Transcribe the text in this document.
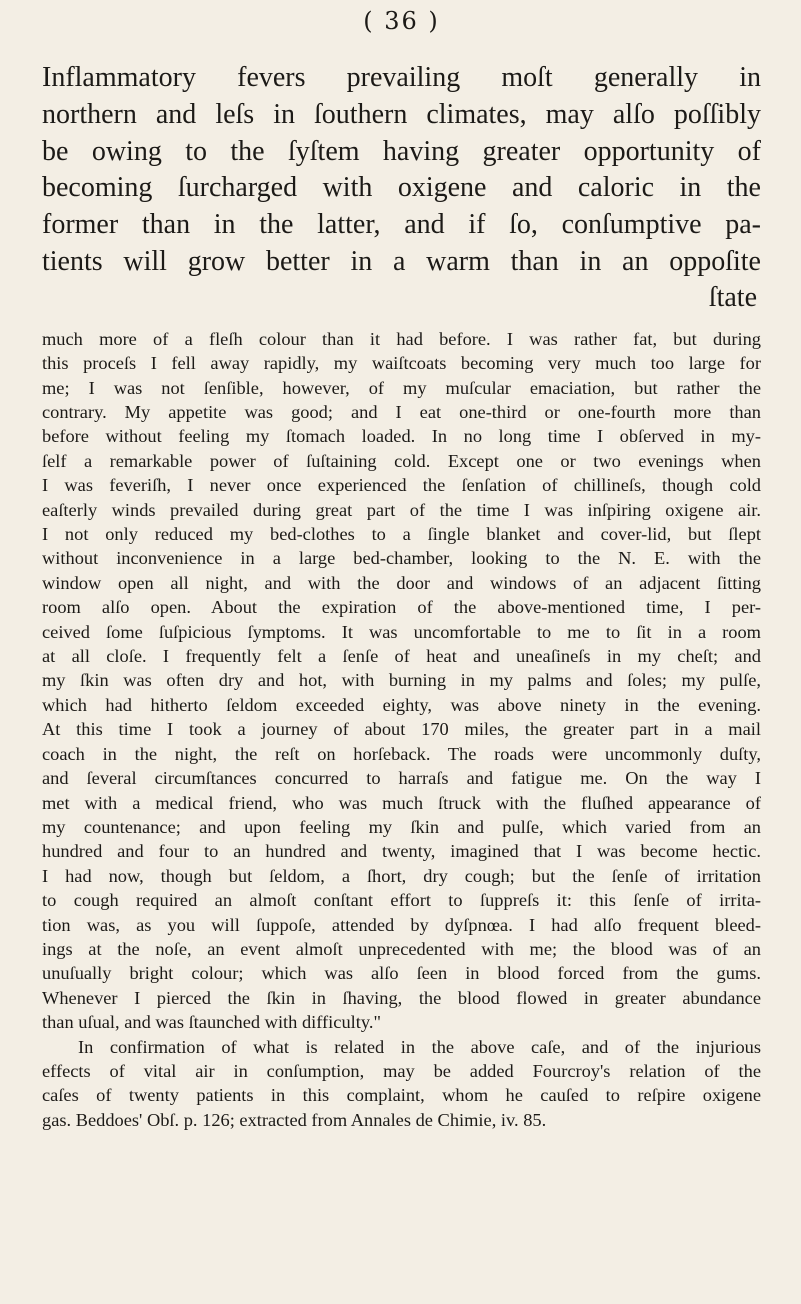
( 36 )
Inflammatory fevers prevailing moſt generally in
northern and leſs in ſouthern climates, may alſo poſſibly
be owing to the ſyſtem having greater opportunity of
becoming ſurcharged with oxigene and caloric in the
former than in the latter, and if ſo, conſumptive pa-
tients will grow better in a warm than in an oppoſite
ſtate
much more of a fleſh colour than it had before. I was rather fat, but during
this proceſs I fell away rapidly, my waiſtcoats becoming very much too large for
me; I was not ſenſible, however, of my muſcular emaciation, but rather the
contrary. My appetite was good; and I eat one-third or one-fourth more than
before without feeling my ſtomach loaded. In no long time I obſerved in my-
ſelf a remarkable power of ſuſtaining cold. Except one or two evenings when
I was feveriſh, I never once experienced the ſenſation of chillineſs, though cold
eaſterly winds prevailed during great part of the time I was inſpiring oxigene air.
I not only reduced my bed-clothes to a ſingle blanket and cover-lid, but ſlept
without inconvenience in a large bed-chamber, looking to the N. E. with the
window open all night, and with the door and windows of an adjacent ſitting
room alſo open. About the expiration of the above-mentioned time, I per-
ceived ſome ſuſpicious ſymptoms. It was uncomfortable to me to ſit in a room
at all cloſe. I frequently felt a ſenſe of heat and uneaſineſs in my cheſt; and
my ſkin was often dry and hot, with burning in my palms and ſoles; my pulſe,
which had hitherto ſeldom exceeded eighty, was above ninety in the evening.
At this time I took a journey of about 170 miles, the greater part in a mail
coach in the night, the reſt on horſeback. The roads were uncommonly duſty,
and ſeveral circumſtances concurred to harraſs and fatigue me. On the way I
met with a medical friend, who was much ſtruck with the fluſhed appearance of
my countenance; and upon feeling my ſkin and pulſe, which varied from an
hundred and four to an hundred and twenty, imagined that I was become hectic.
I had now, though but ſeldom, a ſhort, dry cough; but the ſenſe of irritation
to cough required an almoſt conſtant effort to ſuppreſs it: this ſenſe of irrita-
tion was, as you will ſuppoſe, attended by dyſpnœa. I had alſo frequent bleed-
ings at the noſe, an event almoſt unprecedented with me; the blood was of an
unuſually bright colour; which was alſo ſeen in blood forced from the gums.
Whenever I pierced the ſkin in ſhaving, the blood flowed in greater abundance
than uſual, and was ſtaunched with difficulty."
In confirmation of what is related in the above caſe, and of the injurious
effects of vital air in conſumption, may be added Fourcroy's relation of the
caſes of twenty patients in this complaint, whom he cauſed to reſpire oxigene
gas. Beddoes' Obſ. p. 126; extracted from Annales de Chimie, iv. 85.
